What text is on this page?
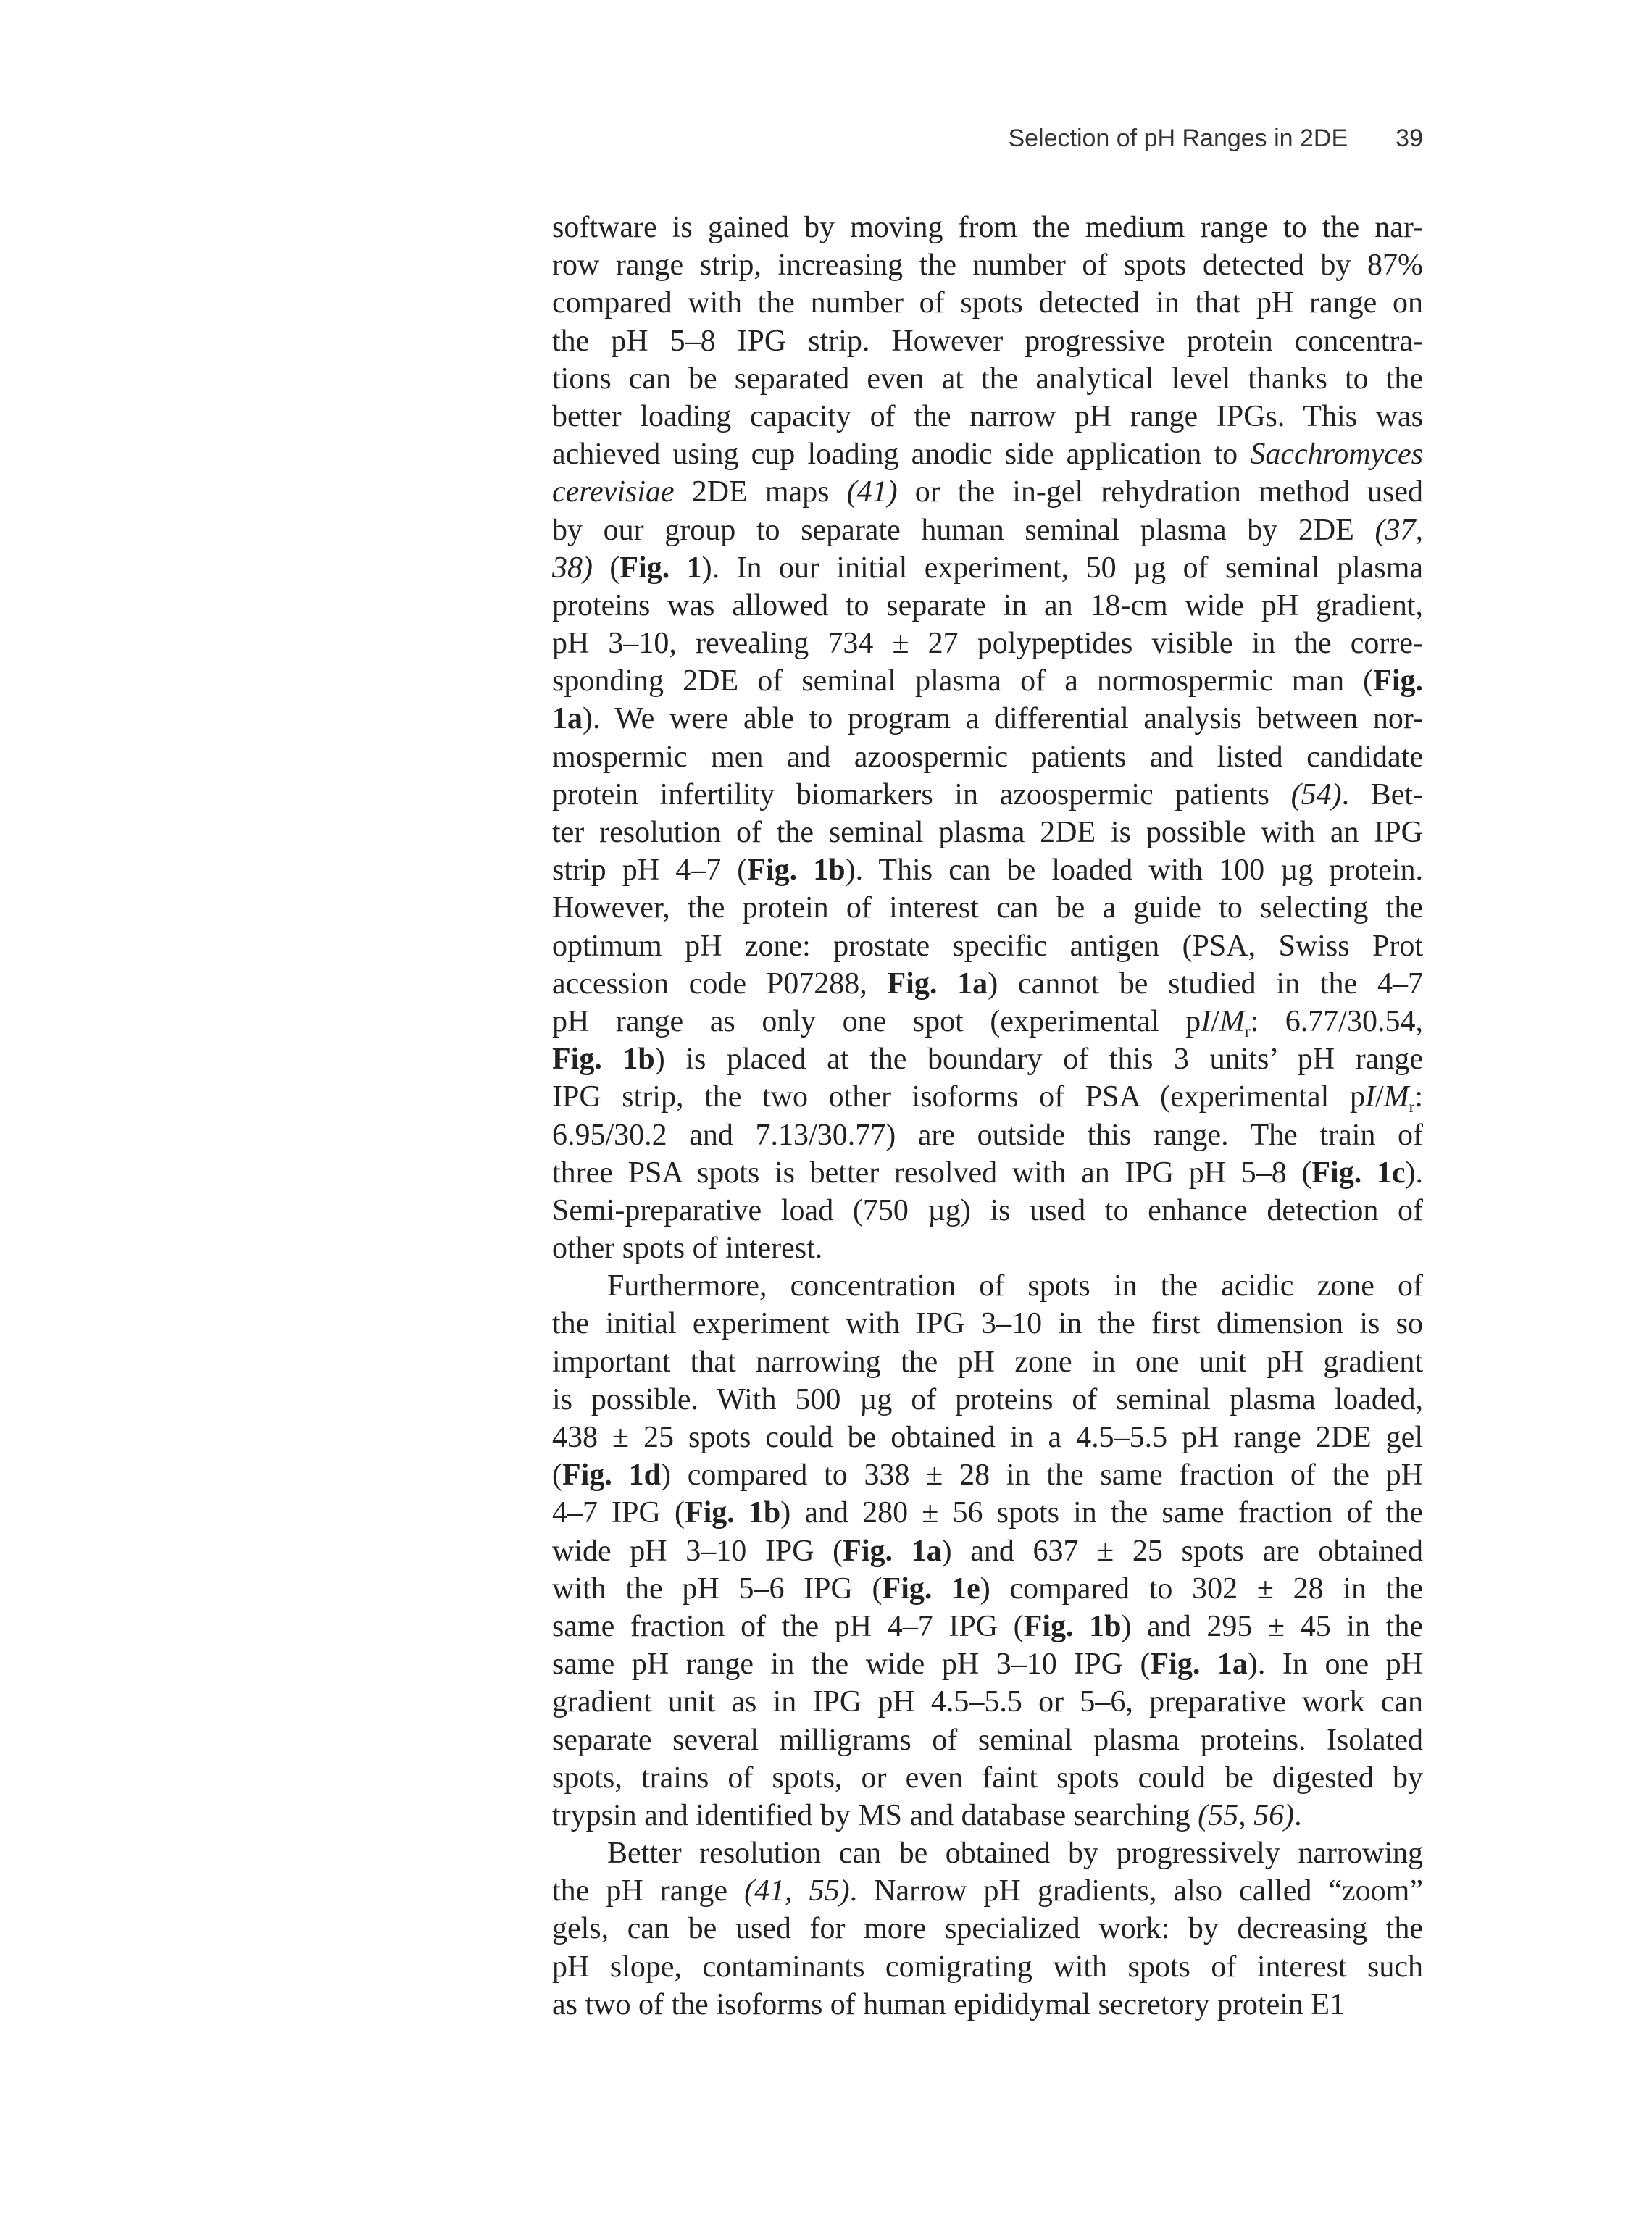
Selection of pH Ranges in 2DE 39
software is gained by moving from the medium range to the nar-
row range strip, increasing the number of spots detected by 87%
compared with the number of spots detected in that pH range on
the pH 5–8 IPG strip. However progressive protein concentra-
tions can be separated even at the analytical level thanks to the
better loading capacity of the narrow pH range IPGs. This was
achieved using cup loading anodic side application to Sacchromyces
cerevisiae 2DE maps (41) or the in-gel rehydration method used
by our group to separate human seminal plasma by 2DE (37,
38) (Fig. 1). In our initial experiment, 50 µg of seminal plasma
proteins was allowed to separate in an 18-cm wide pH gradient,
pH 3–10, revealing 734 ± 27 polypeptides visible in the corre-
sponding 2DE of seminal plasma of a normospermic man (Fig.
1a). We were able to program a differential analysis between nor-
mospermic men and azoospermic patients and listed candidate
protein infertility biomarkers in azoospermic patients (54). Bet-
ter resolution of the seminal plasma 2DE is possible with an IPG
strip pH 4–7 (Fig. 1b). This can be loaded with 100 µg protein.
However, the protein of interest can be a guide to selecting the
optimum pH zone: prostate specific antigen (PSA, Swiss Prot
accession code P07288, Fig. 1a) cannot be studied in the 4–7
pH range as only one spot (experimental $pI/M_r$: 6.77/30.54,
Fig. 1b) is placed at the boundary of this 3 units’ pH range
IPG strip, the two other isoforms of PSA (experimental $pI/M_r$:
6.95/30.2 and 7.13/30.77) are outside this range. The train of
three PSA spots is better resolved with an IPG pH 5–8 (Fig. 1c).
Semi-preparative load (750 µg) is used to enhance detection of
other spots of interest.
Furthermore, concentration of spots in the acidic zone of
the initial experiment with IPG 3–10 in the first dimension is so
important that narrowing the pH zone in one unit pH gradient
is possible. With 500 µg of proteins of seminal plasma loaded,
438 ± 25 spots could be obtained in a 4.5–5.5 pH range 2DE gel
(Fig. 1d) compared to 338 ± 28 in the same fraction of the pH
4–7 IPG (Fig. 1b) and 280 ± 56 spots in the same fraction of the
wide pH 3–10 IPG (Fig. 1a) and 637 ± 25 spots are obtained
with the pH 5–6 IPG (Fig. 1e) compared to 302 ± 28 in the
same fraction of the pH 4–7 IPG (Fig. 1b) and 295 ± 45 in the
same pH range in the wide pH 3–10 IPG (Fig. 1a). In one pH
gradient unit as in IPG pH 4.5–5.5 or 5–6, preparative work can
separate several milligrams of seminal plasma proteins. Isolated
spots, trains of spots, or even faint spots could be digested by
trypsin and identified by MS and database searching (55, 56).
Better resolution can be obtained by progressively narrowing
the pH range (41, 55). Narrow pH gradients, also called “zoom”
gels, can be used for more specialized work: by decreasing the
pH slope, contaminants comigrating with spots of interest such
as two of the isoforms of human epididymal secretory protein E1
